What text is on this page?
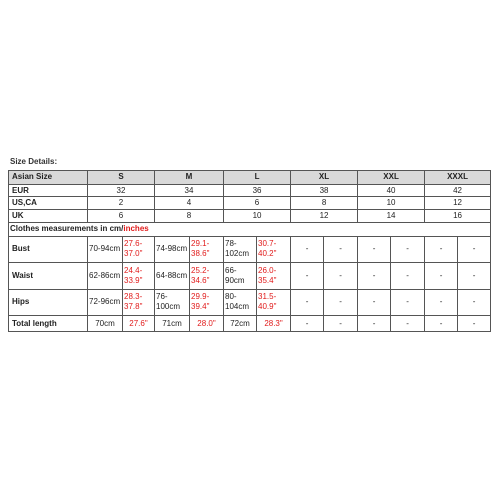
Size Details:
Asian Size	S		M		L		XL		XXL		XXXL	
EUR	32		34		36		38		40		42	
US,CA	2		4		6		8		10		12	
UK	6		8		10		12		14		16	
Clothes measurements in cm/inches												
Bust	70-94cm	27.6-37.0"	74-98cm	29.1-38.6"	78-102cm	30.7-40.2"	-	-	-	-	-	-
Waist	62-86cm	24.4-33.9"	64-88cm	25.2-34.6"	66-90cm	26.0-35.4"	-	-	-	-	-	-
Hips	72-96cm	28.3-37.8"	76-100cm	29.9-39.4"	80-104cm	31.5-40.9"	-	-	-	-	-	-
Total length	70cm	27.6"	71cm	28.0"	72cm	28.3"	-	-	-	-	-	-
